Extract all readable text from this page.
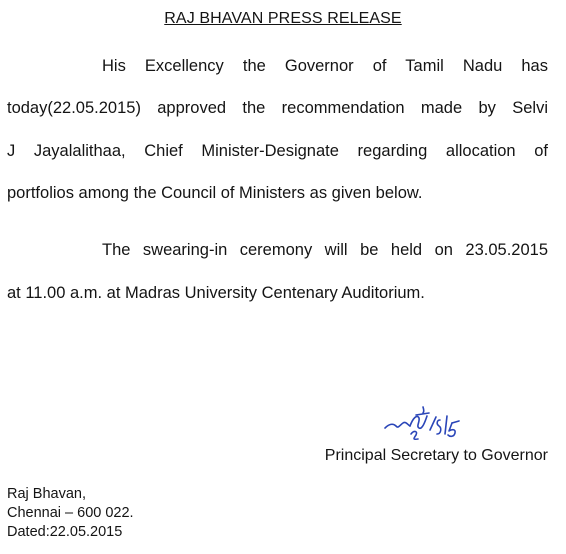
RAJ BHAVAN PRESS RELEASE
His Excellency the Governor of Tamil Nadu has
today(22.05.2015) approved the recommendation made by Selvi
J Jayalalithaa, Chief Minister-Designate regarding allocation of
portfolios among the Council of Ministers as given below.
The swearing-in ceremony will be held on 23.05.2015
at 11.00 a.m. at Madras University Centenary Auditorium.
Principal Secretary to Governor
Raj Bhavan,
Chennai – 600 022.
Dated:22.05.2015
